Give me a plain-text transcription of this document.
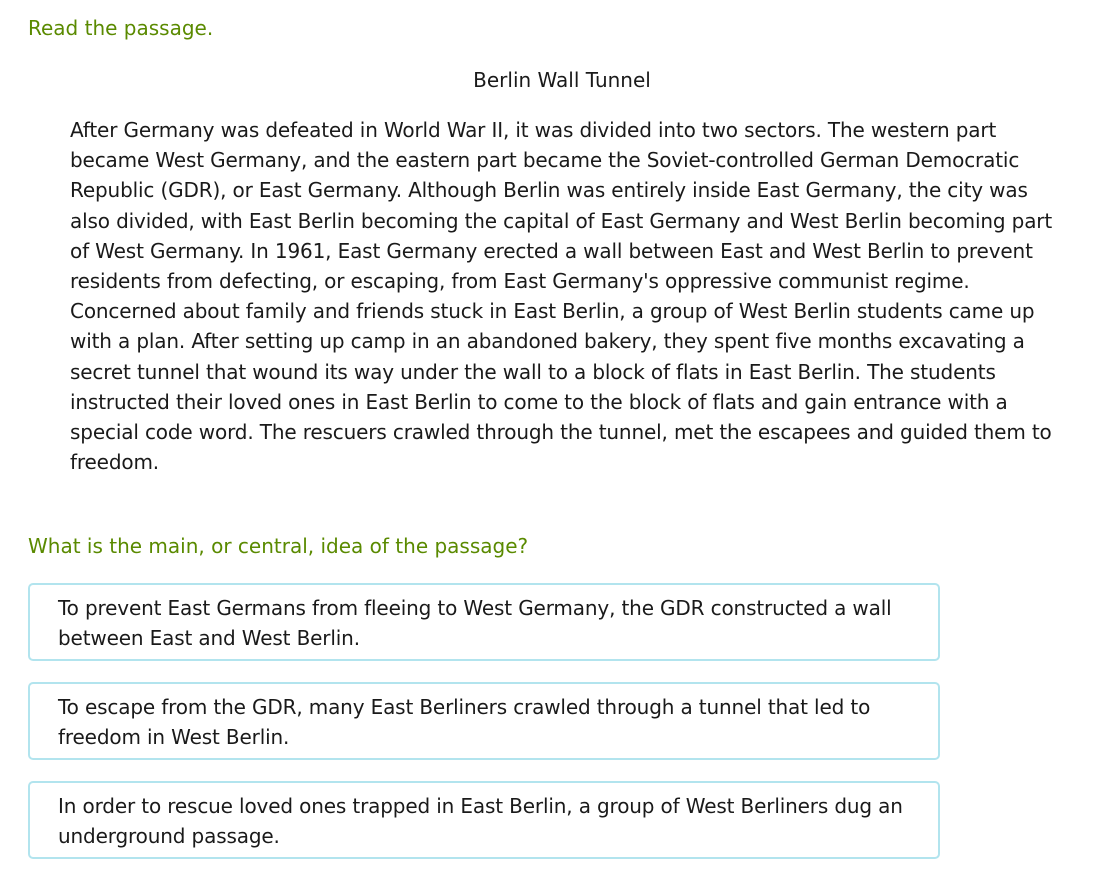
Read the passage.
Berlin Wall Tunnel

After Germany was defeated in World War II, it was divided into two sectors. The western part became West Germany, and the eastern part became the Soviet-controlled German Democratic Republic (GDR), or East Germany. Although Berlin was entirely inside East Germany, the city was also divided, with East Berlin becoming the capital of East Germany and West Berlin becoming part of West Germany. In 1961, East Germany erected a wall between East and West Berlin to prevent residents from defecting, or escaping, from East Germany's oppressive communist regime. Concerned about family and friends stuck in East Berlin, a group of West Berlin students came up with a plan. After setting up camp in an abandoned bakery, they spent five months excavating a secret tunnel that wound its way under the wall to a block of flats in East Berlin. The students instructed their loved ones in East Berlin to come to the block of flats and gain entrance with a special code word. The rescuers crawled through the tunnel, met the escapees and guided them to freedom.

What is the main, or central, idea of the passage?
To prevent East Germans from fleeing to West Germany, the GDR constructed a wall between East and West Berlin.
To escape from the GDR, many East Berliners crawled through a tunnel that led to freedom in West Berlin.
In order to rescue loved ones trapped in East Berlin, a group of West Berliners dug an underground passage.
